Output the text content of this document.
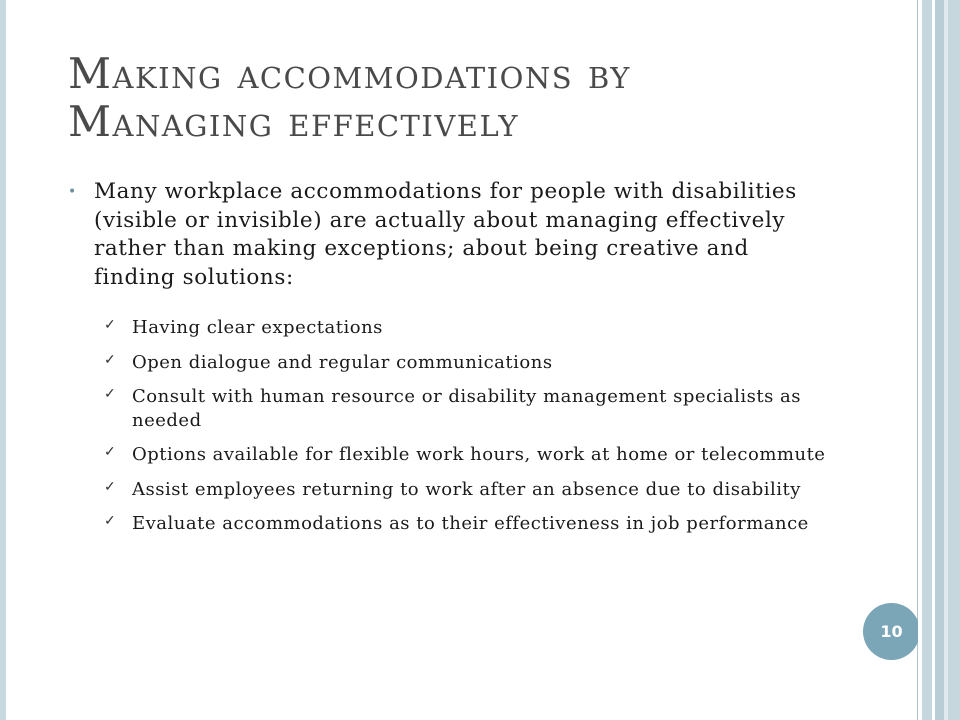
Making accommodations by
Managing effectively
• Many workplace accommodations for people with disabilities (visible or invisible) are actually about managing effectively rather than making exceptions; about being creative and finding solutions:
✓ Having clear expectations
✓ Open dialogue and regular communications
✓ Consult with human resource or disability management specialists as needed
✓ Options available for flexible work hours, work at home or telecommute
✓ Assist employees returning to work after an absence due to disability
✓ Evaluate accommodations as to their effectiveness in job performance
10
